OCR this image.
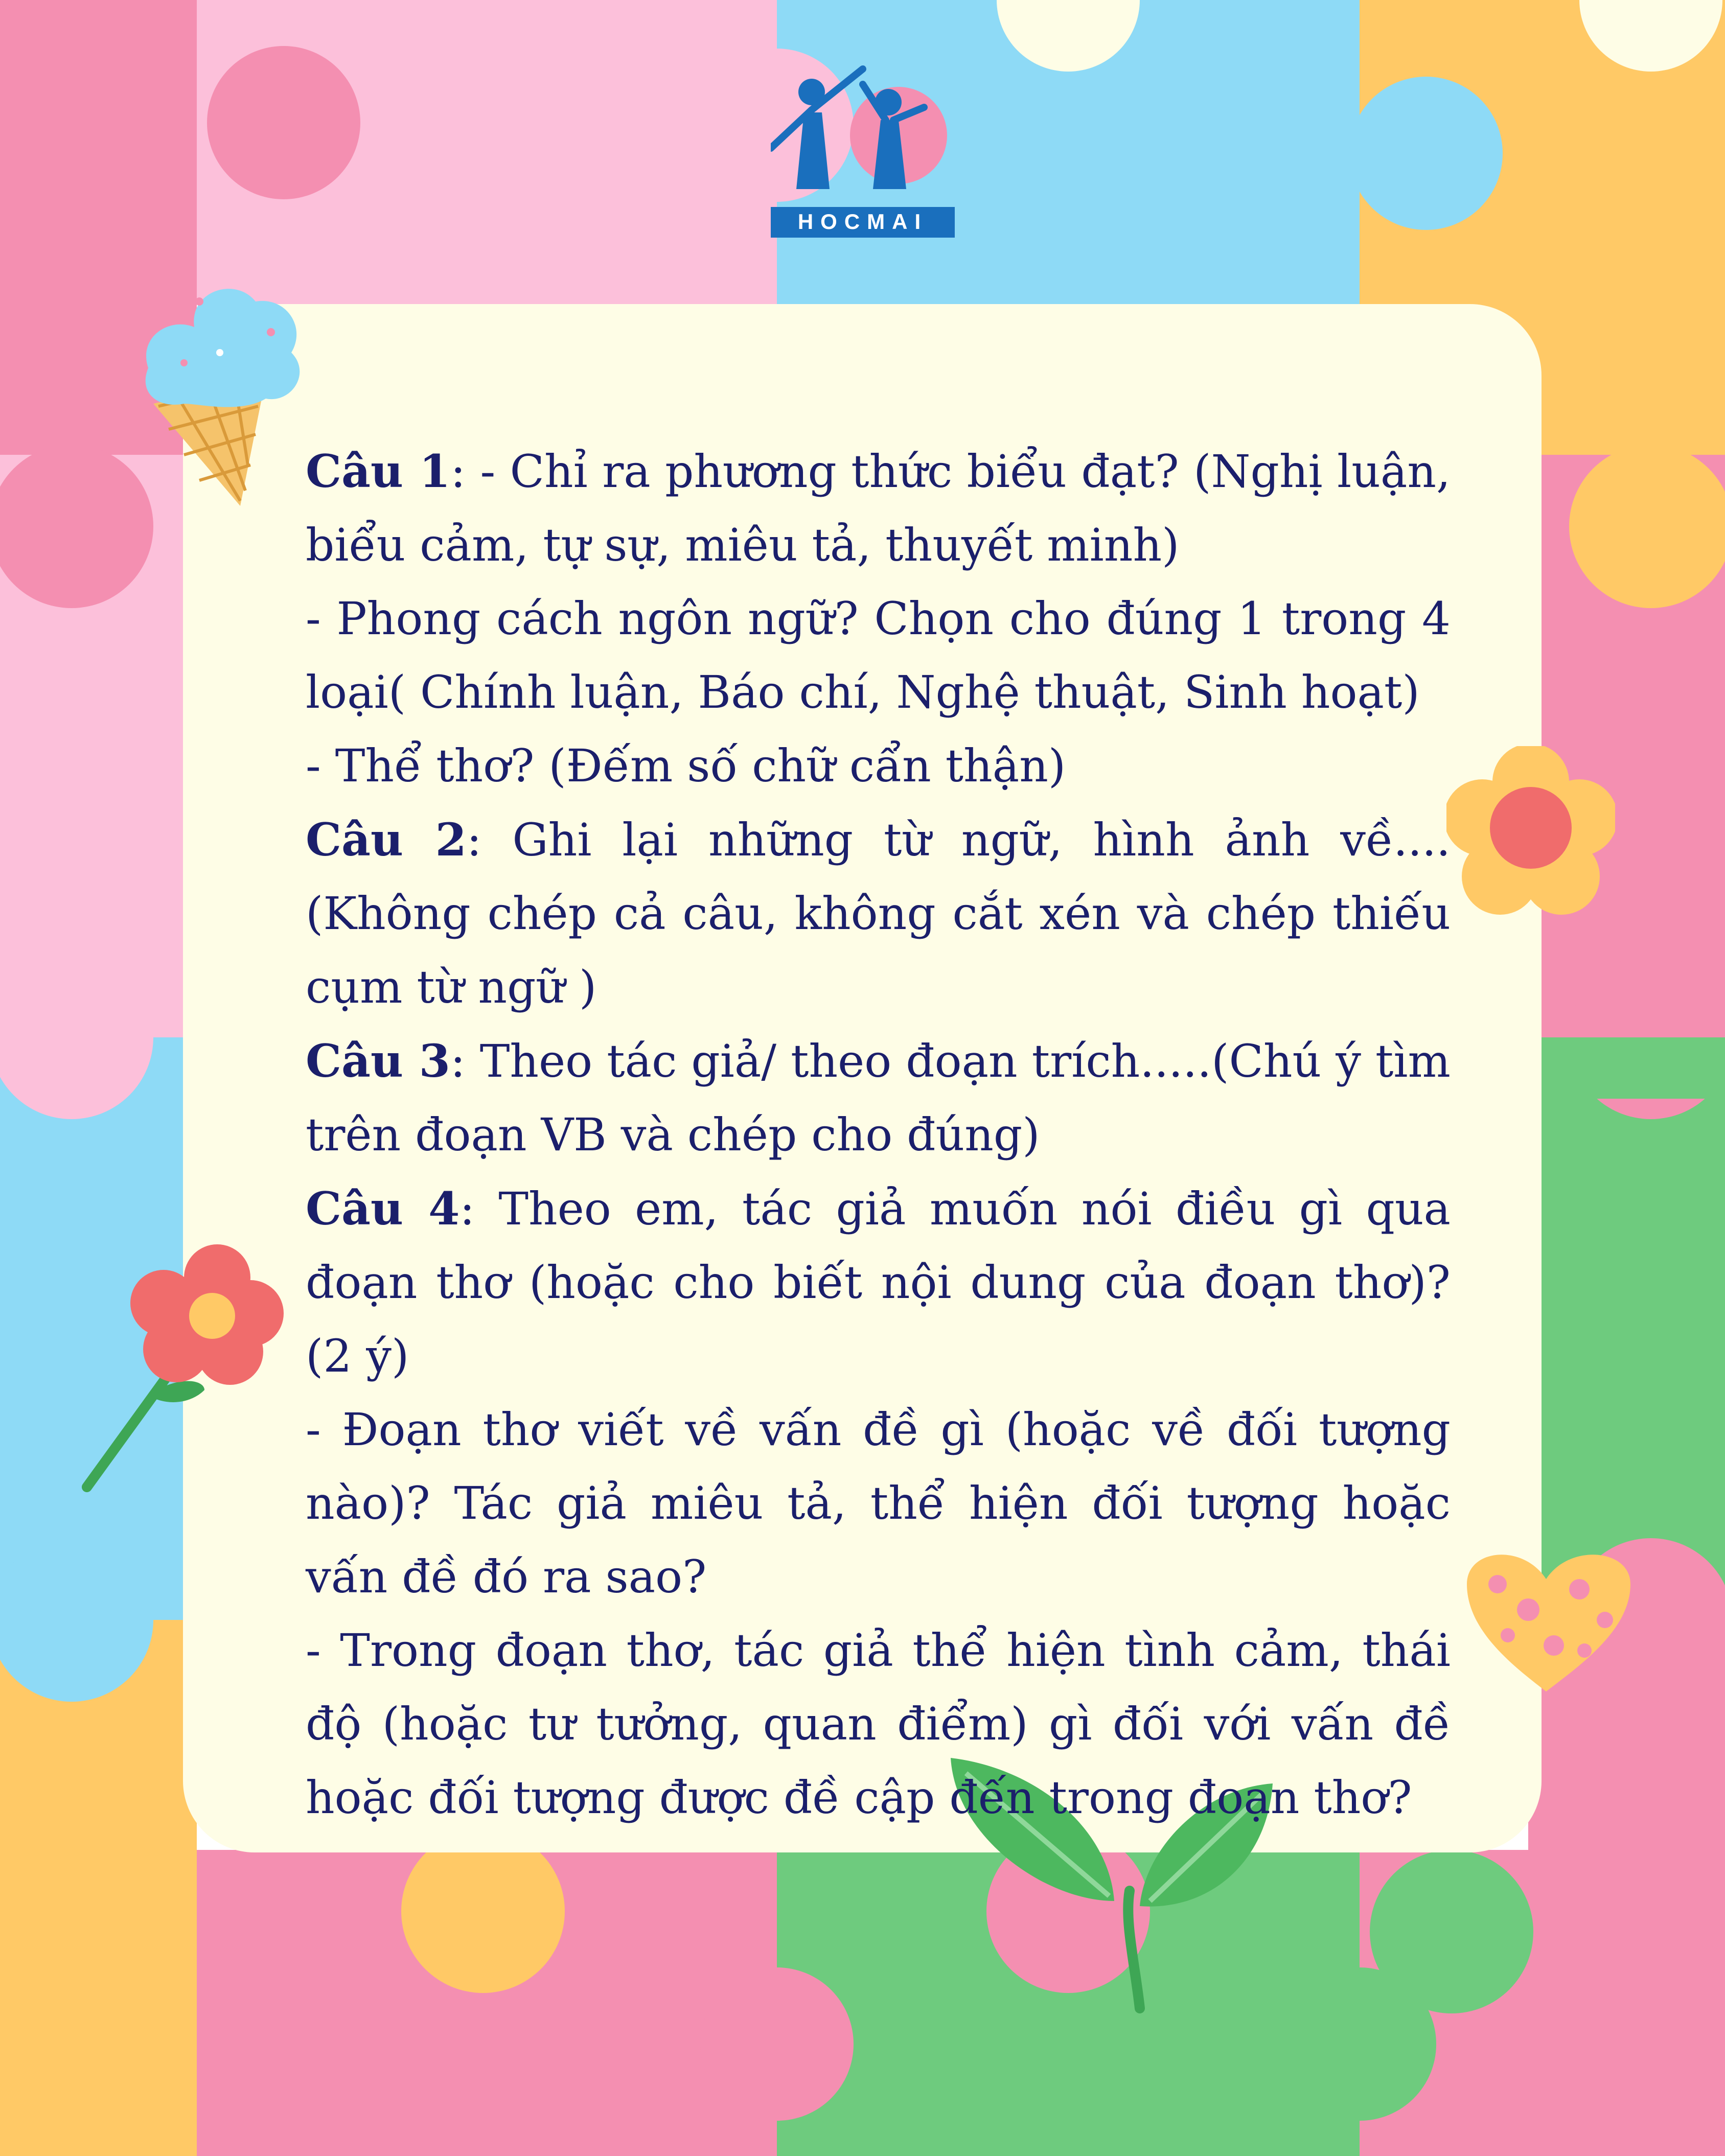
HOCMAI

Câu 1: - Chỉ ra phương thức biểu đạt? (Nghị luận, biểu cảm, tự sự, miêu tả, thuyết minh)

- Phong cách ngôn ngữ? Chọn cho đúng 1 trong 4 loại( Chính luận, Báo chí, Nghệ thuật, Sinh hoạt)

- Thể thơ? (Đếm số chữ cẩn thận)

Câu 2: Ghi lại những từ ngữ, hình ảnh về....(Không chép cả câu, không cắt xén và chép thiếu cụm từ ngữ )

Câu 3: Theo tác giả/ theo đoạn trích.....(Chú ý tìm trên đoạn VB và chép cho đúng)

Câu 4: Theo em, tác giả muốn nói điều gì qua đoạn thơ (hoặc cho biết nội dung của đoạn thơ)? (2 ý)

- Đoạn thơ viết về vấn đề gì (hoặc về đối tượng nào)? Tác giả miêu tả, thể hiện đối tượng hoặc vấn đề đó ra sao?

- Trong đoạn thơ, tác giả thể hiện tình cảm, thái độ (hoặc tư tưởng, quan điểm) gì đối với vấn đề hoặc đối tượng được đề cập đến trong đoạn thơ?
